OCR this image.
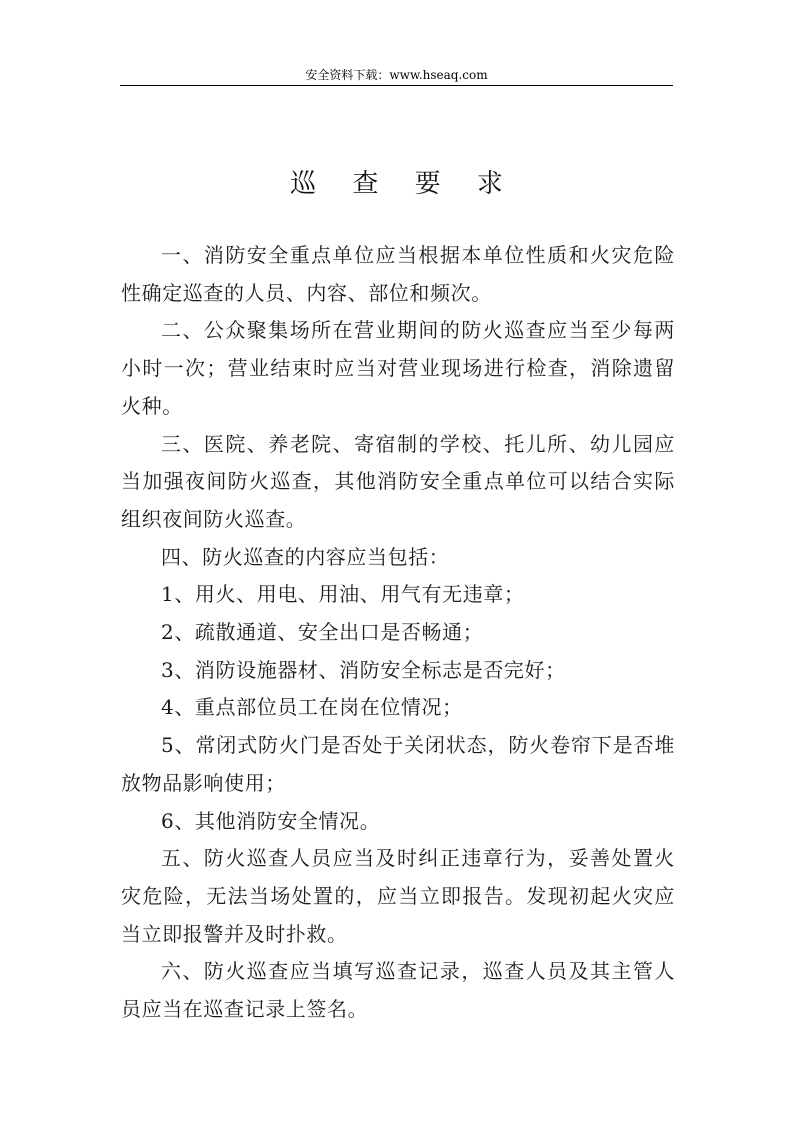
安全资料下载：www.hseaq.com
巡 查 要 求

一、消防安全重点单位应当根据本单位性质和火灾危险性确定巡查的人员、内容、部位和频次。

二、公众聚集场所在营业期间的防火巡查应当至少每两小时一次；营业结束时应当对营业现场进行检查，消除遗留火种。

三、医院、养老院、寄宿制的学校、托儿所、幼儿园应当加强夜间防火巡查，其他消防安全重点单位可以结合实际组织夜间防火巡查。

四、防火巡查的内容应当包括：

1、用火、用电、用油、用气有无违章；

2、疏散通道、安全出口是否畅通；

3、消防设施器材、消防安全标志是否完好；

4、重点部位员工在岗在位情况；

5、常闭式防火门是否处于关闭状态，防火卷帘下是否堆放物品影响使用；

6、其他消防安全情况。

五、防火巡查人员应当及时纠正违章行为，妥善处置火灾危险，无法当场处置的，应当立即报告。发现初起火灾应当立即报警并及时扑救。

六、防火巡查应当填写巡查记录，巡查人员及其主管人员应当在巡查记录上签名。
